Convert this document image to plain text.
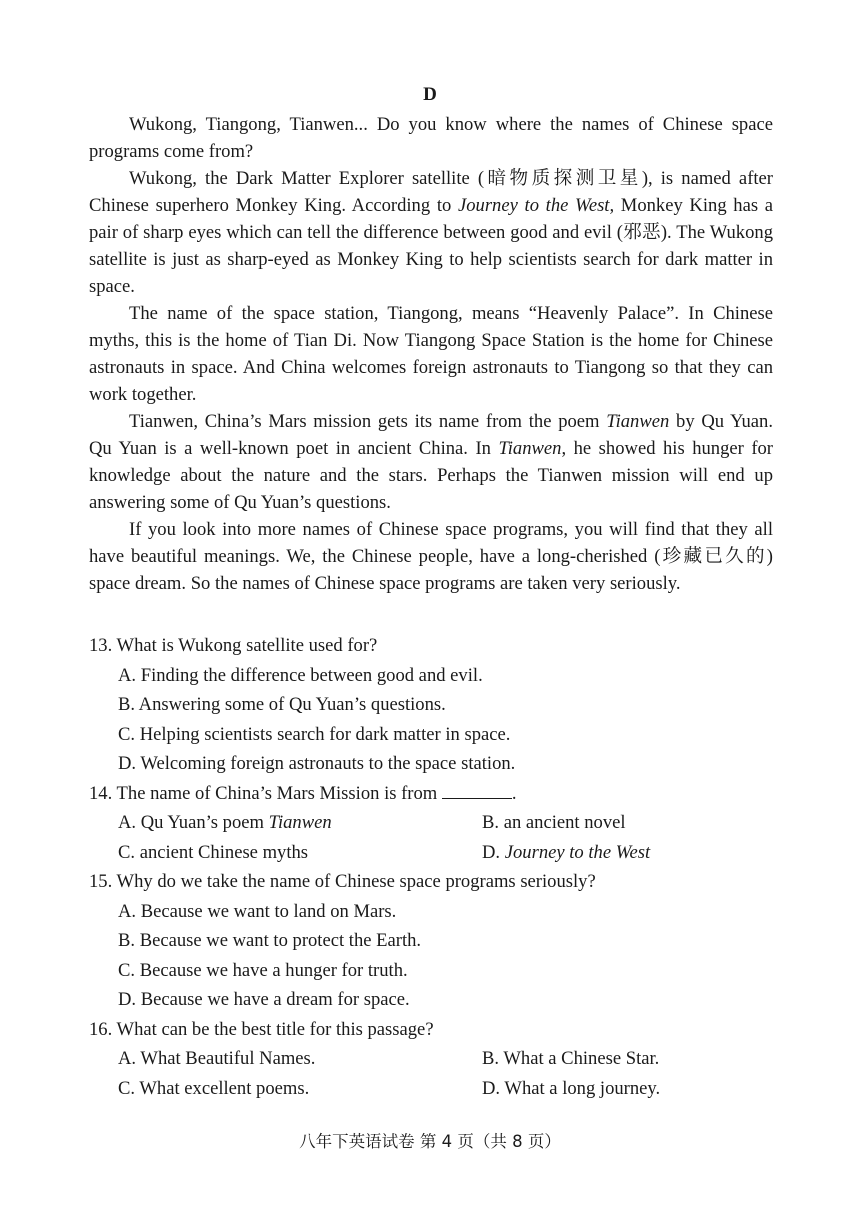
D

Wukong, Tiangong, Tianwen... Do you know where the names of Chinese space programs come from?

Wukong, the Dark Matter Explorer satellite (暗物质探测卫星), is named after Chinese superhero Monkey King. According to Journey to the West, Monkey King has a pair of sharp eyes which can tell the difference between good and evil (邪恶). The Wukong satellite is just as sharp-eyed as Monkey King to help scientists search for dark matter in space.

The name of the space station, Tiangong, means “Heavenly Palace”. In Chinese myths, this is the home of Tian Di. Now Tiangong Space Station is the home for Chinese astronauts in space. And China welcomes foreign astronauts to Tiangong so that they can work together.

Tianwen, China’s Mars mission gets its name from the poem Tianwen by Qu Yuan. Qu Yuan is a well-known poet in ancient China. In Tianwen, he showed his hunger for knowledge about the nature and the stars. Perhaps the Tianwen mission will end up answering some of Qu Yuan’s questions.

If you look into more names of Chinese space programs, you will find that they all have beautiful meanings. We, the Chinese people, have a long-cherished (珍藏已久的) space dream. So the names of Chinese space programs are taken very seriously.

13. What is Wukong satellite used for?
A. Finding the difference between good and evil.
B. Answering some of Qu Yuan’s questions.
C. Helping scientists search for dark matter in space.
D. Welcoming foreign astronauts to the space station.
14. The name of China’s Mars Mission is from	.
A. Qu Yuan’s poem Tianwen	B. an ancient novel
C. ancient Chinese myths	D. Journey to the West
15. Why do we take the name of Chinese space programs seriously?
A. Because we want to land on Mars.
B. Because we want to protect the Earth.
C. Because we have a hunger for truth.
D. Because we have a dream for space.
16. What can be the best title for this passage?
A. What Beautiful Names.	B. What a Chinese Star.
C. What excellent poems.	D. What a long journey.
八年下英语试卷 第 4 页（共 8 页）
